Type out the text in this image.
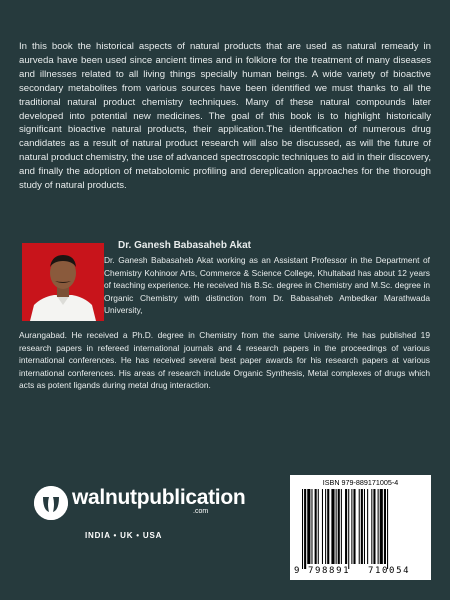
In this book the historical aspects of natural products that are used as natural remeady in aurveda have been used since ancient times and in folklore for the treatment of many diseases and illnesses related to all living things specially human beings. A wide variety of bioactive secondary metabolites from various sources have been identified we must thanks to all the traditional natural product chemistry techniques. Many of these natural compounds later developed into potential new medicines. The goal of this book is to highlight historically significant bioactive natural products, their application.The identification of numerous drug candidates as a result of natural product research will also be discussed, as will the future of natural product chemistry, the use of advanced spectroscopic techniques to aid in their discovery, and finally the adoption of metabolomic profiling and dereplication approaches for the thorough study of natural products.

Dr. Ganesh Babasaheb Akat

Dr. Ganesh Babasaheb Akat working as an Assistant Professor in the Department of Chemistry Kohinoor Arts, Commerce & Science College, Khultabad has about 12 years of teaching experience. He received his B.Sc. degree in Chemistry and M.Sc. degree in Organic Chemistry with distinction from Dr. Babasaheb Ambedkar Marathwada University,

Aurangabad. He received a Ph.D. degree in Chemistry from the same University. He has published 19 research papers in refereed international journals and 4 research papers in the proceedings of various international conferences. He has received several best paper awards for his research papers at various international conferences. His areas of research include Organic Synthesis, Metal complexes of drugs which acts as potent ligands during metal drug interaction.

walnutpublication
.com
INDIA • UK • USA
ISBN 979-889171005-4
9 798891 710054
